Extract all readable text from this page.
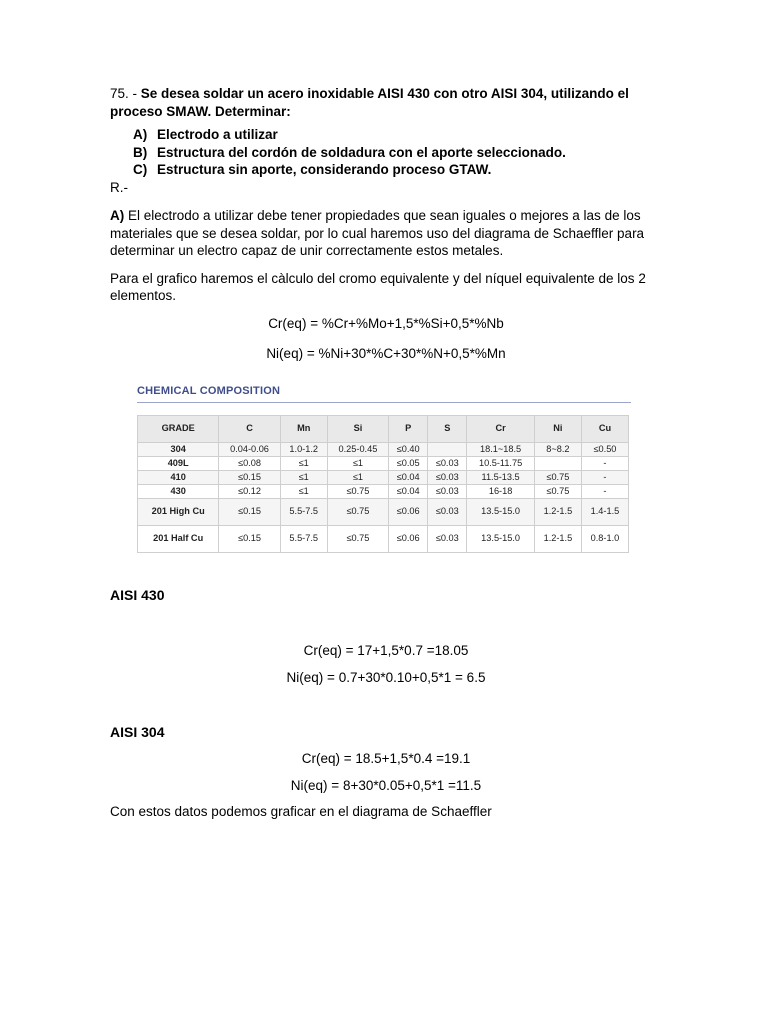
75. - Se desea soldar un acero inoxidable AISI 430 con otro AISI 304, utilizando el proceso SMAW. Determinar:

A) Electrodo a utilizar
B) Estructura del cordón de soldadura con el aporte seleccionado.
C) Estructura sin aporte, considerando proceso GTAW.
R.-

A) El electrodo a utilizar debe tener propiedades que sean iguales o mejores a las de los materiales que se desea soldar, por lo cual haremos uso del diagrama de Schaeffler para determinar un electro capaz de unir correctamente estos metales.

Para el grafico haremos el càlculo del cromo equivalente y del níquel equivalente de los 2 elementos.

Cr(eq) = %Cr+%Mo+1,5*%Si+0,5*%Nb
Ni(eq) = %Ni+30*%C+30*%N+0,5*%Mn
CHEMICAL COMPOSITION
GRADE	C	Mn	Si	P	S	Cr	Ni	Cu
304	0.04-0.06	1.0-1.2	0.25-0.45	≤0.40		18.1~18.5	8~8.2	≤0.50
409L	≤0.08	≤1	≤1	≤0.05	≤0.03	10.5-11.75		-
410	≤0.15	≤1	≤1	≤0.04	≤0.03	11.5-13.5	≤0.75	-
430	≤0.12	≤1	≤0.75	≤0.04	≤0.03	16-18	≤0.75	-
201 High Cu	≤0.15	5.5-7.5	≤0.75	≤0.06	≤0.03	13.5-15.0	1.2-1.5	1.4-1.5
201 Half Cu	≤0.15	5.5-7.5	≤0.75	≤0.06	≤0.03	13.5-15.0	1.2-1.5	0.8-1.0
AISI 430
Cr(eq) = 17+1,5*0.7 =18.05
Ni(eq) = 0.7+30*0.10+0,5*1 = 6.5
AISI 304
Cr(eq) = 18.5+1,5*0.4 =19.1
Ni(eq) = 8+30*0.05+0,5*1 =11.5
Con estos datos podemos graficar en el diagrama de Schaeffler
